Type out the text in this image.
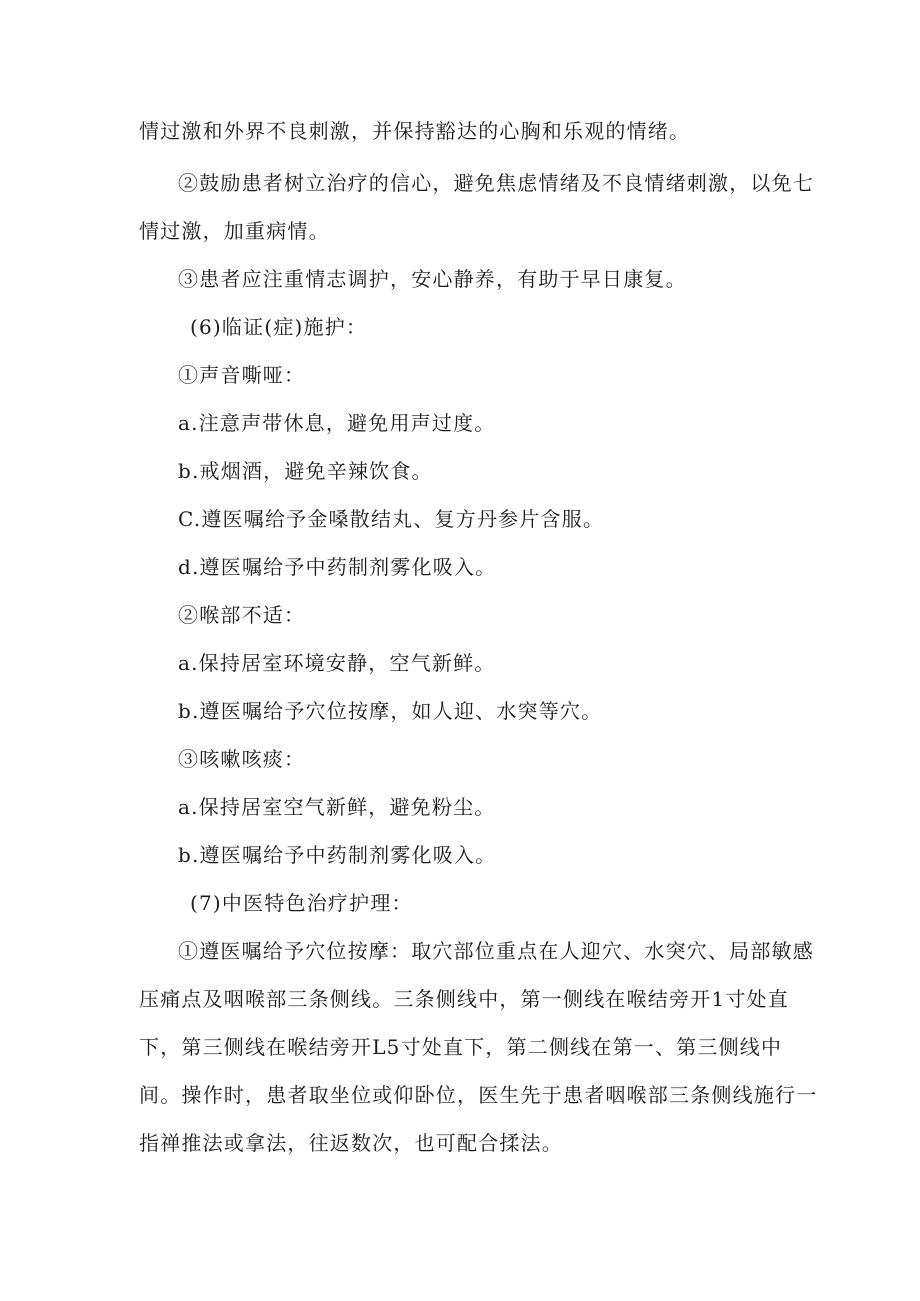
情过激和外界不良刺激，并保持豁达的心胸和乐观的情绪。
②鼓励患者树立治疗的信心，避免焦虑情绪及不良情绪刺激，以免七
情过激，加重病情。
③患者应注重情志调护，安心静养，有助于早日康复。
(6)临证(症)施护：
①声音嘶哑：
a.注意声带休息，避免用声过度。
b.戒烟酒，避免辛辣饮食。
C.遵医嘱给予金嗓散结丸、复方丹参片含服。
d.遵医嘱给予中药制剂雾化吸入。
②喉部不适：
a.保持居室环境安静，空气新鲜。
b.遵医嘱给予穴位按摩，如人迎、水突等穴。
③咳嗽咳痰：
a.保持居室空气新鲜，避免粉尘。
b.遵医嘱给予中药制剂雾化吸入。
(7)中医特色治疗护理：
①遵医嘱给予穴位按摩：取穴部位重点在人迎穴、水突穴、局部敏感
压痛点及咽喉部三条侧线。三条侧线中，第一侧线在喉结旁开1寸处直
下，第三侧线在喉结旁开L5寸处直下，第二侧线在第一、第三侧线中
间。操作时，患者取坐位或仰卧位，医生先于患者咽喉部三条侧线施行一
指禅推法或拿法，往返数次，也可配合揉法。
